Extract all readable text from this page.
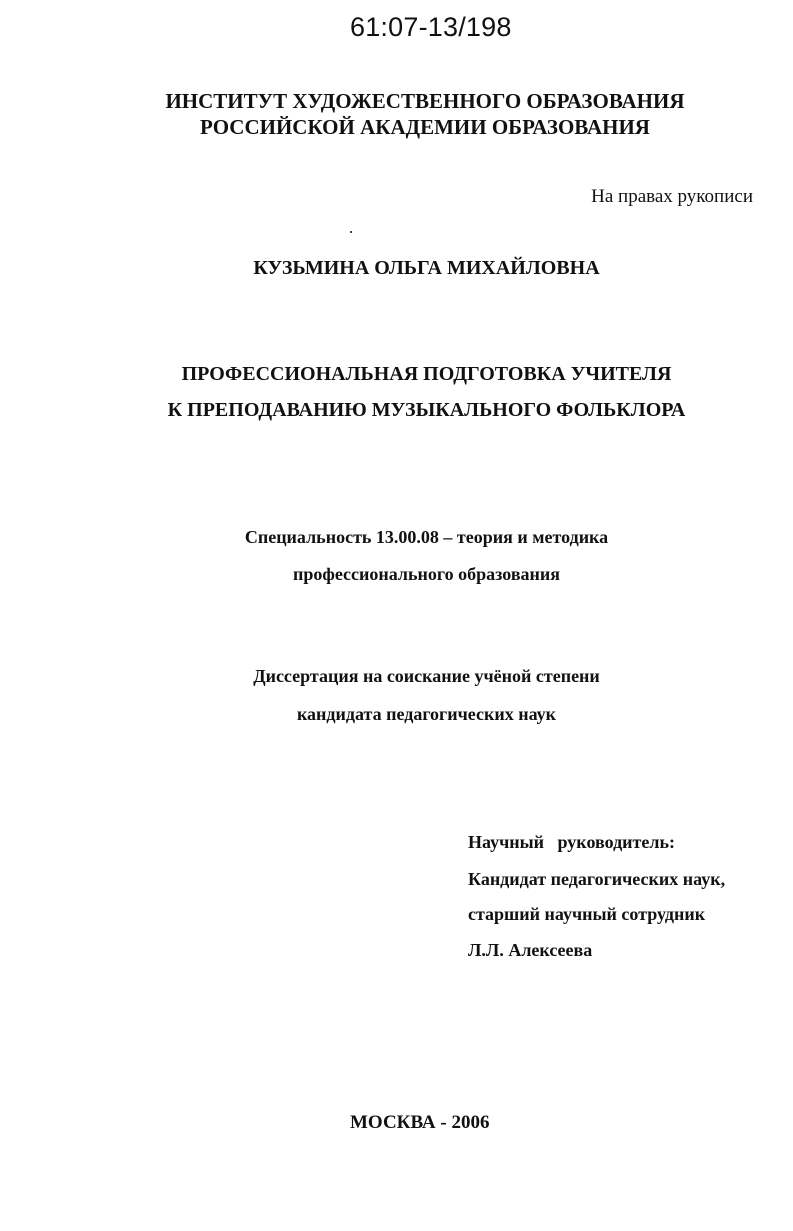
61:07-13/198
ИНСТИТУТ ХУДОЖЕСТВЕННОГО ОБРАЗОВАНИЯ
РОССИЙСКОЙ АКАДЕМИИ ОБРАЗОВАНИЯ
На правах рукописи
КУЗЬМИНА ОЛЬГА МИХАЙЛОВНА
ПРОФЕССИОНАЛЬНАЯ ПОДГОТОВКА УЧИТЕЛЯ
К ПРЕПОДАВАНИЮ МУЗЫКАЛЬНОГО ФОЛЬКЛОРА
Специальность 13.00.08 – теория и методика
профессионального образования
Диссертация на соискание учёной степени
кандидата педагогических наук
Научный   руководитель:
Кандидат педагогических наук,
старший научный сотрудник
Л.Л. Алексеева
МОСКВА - 2006
